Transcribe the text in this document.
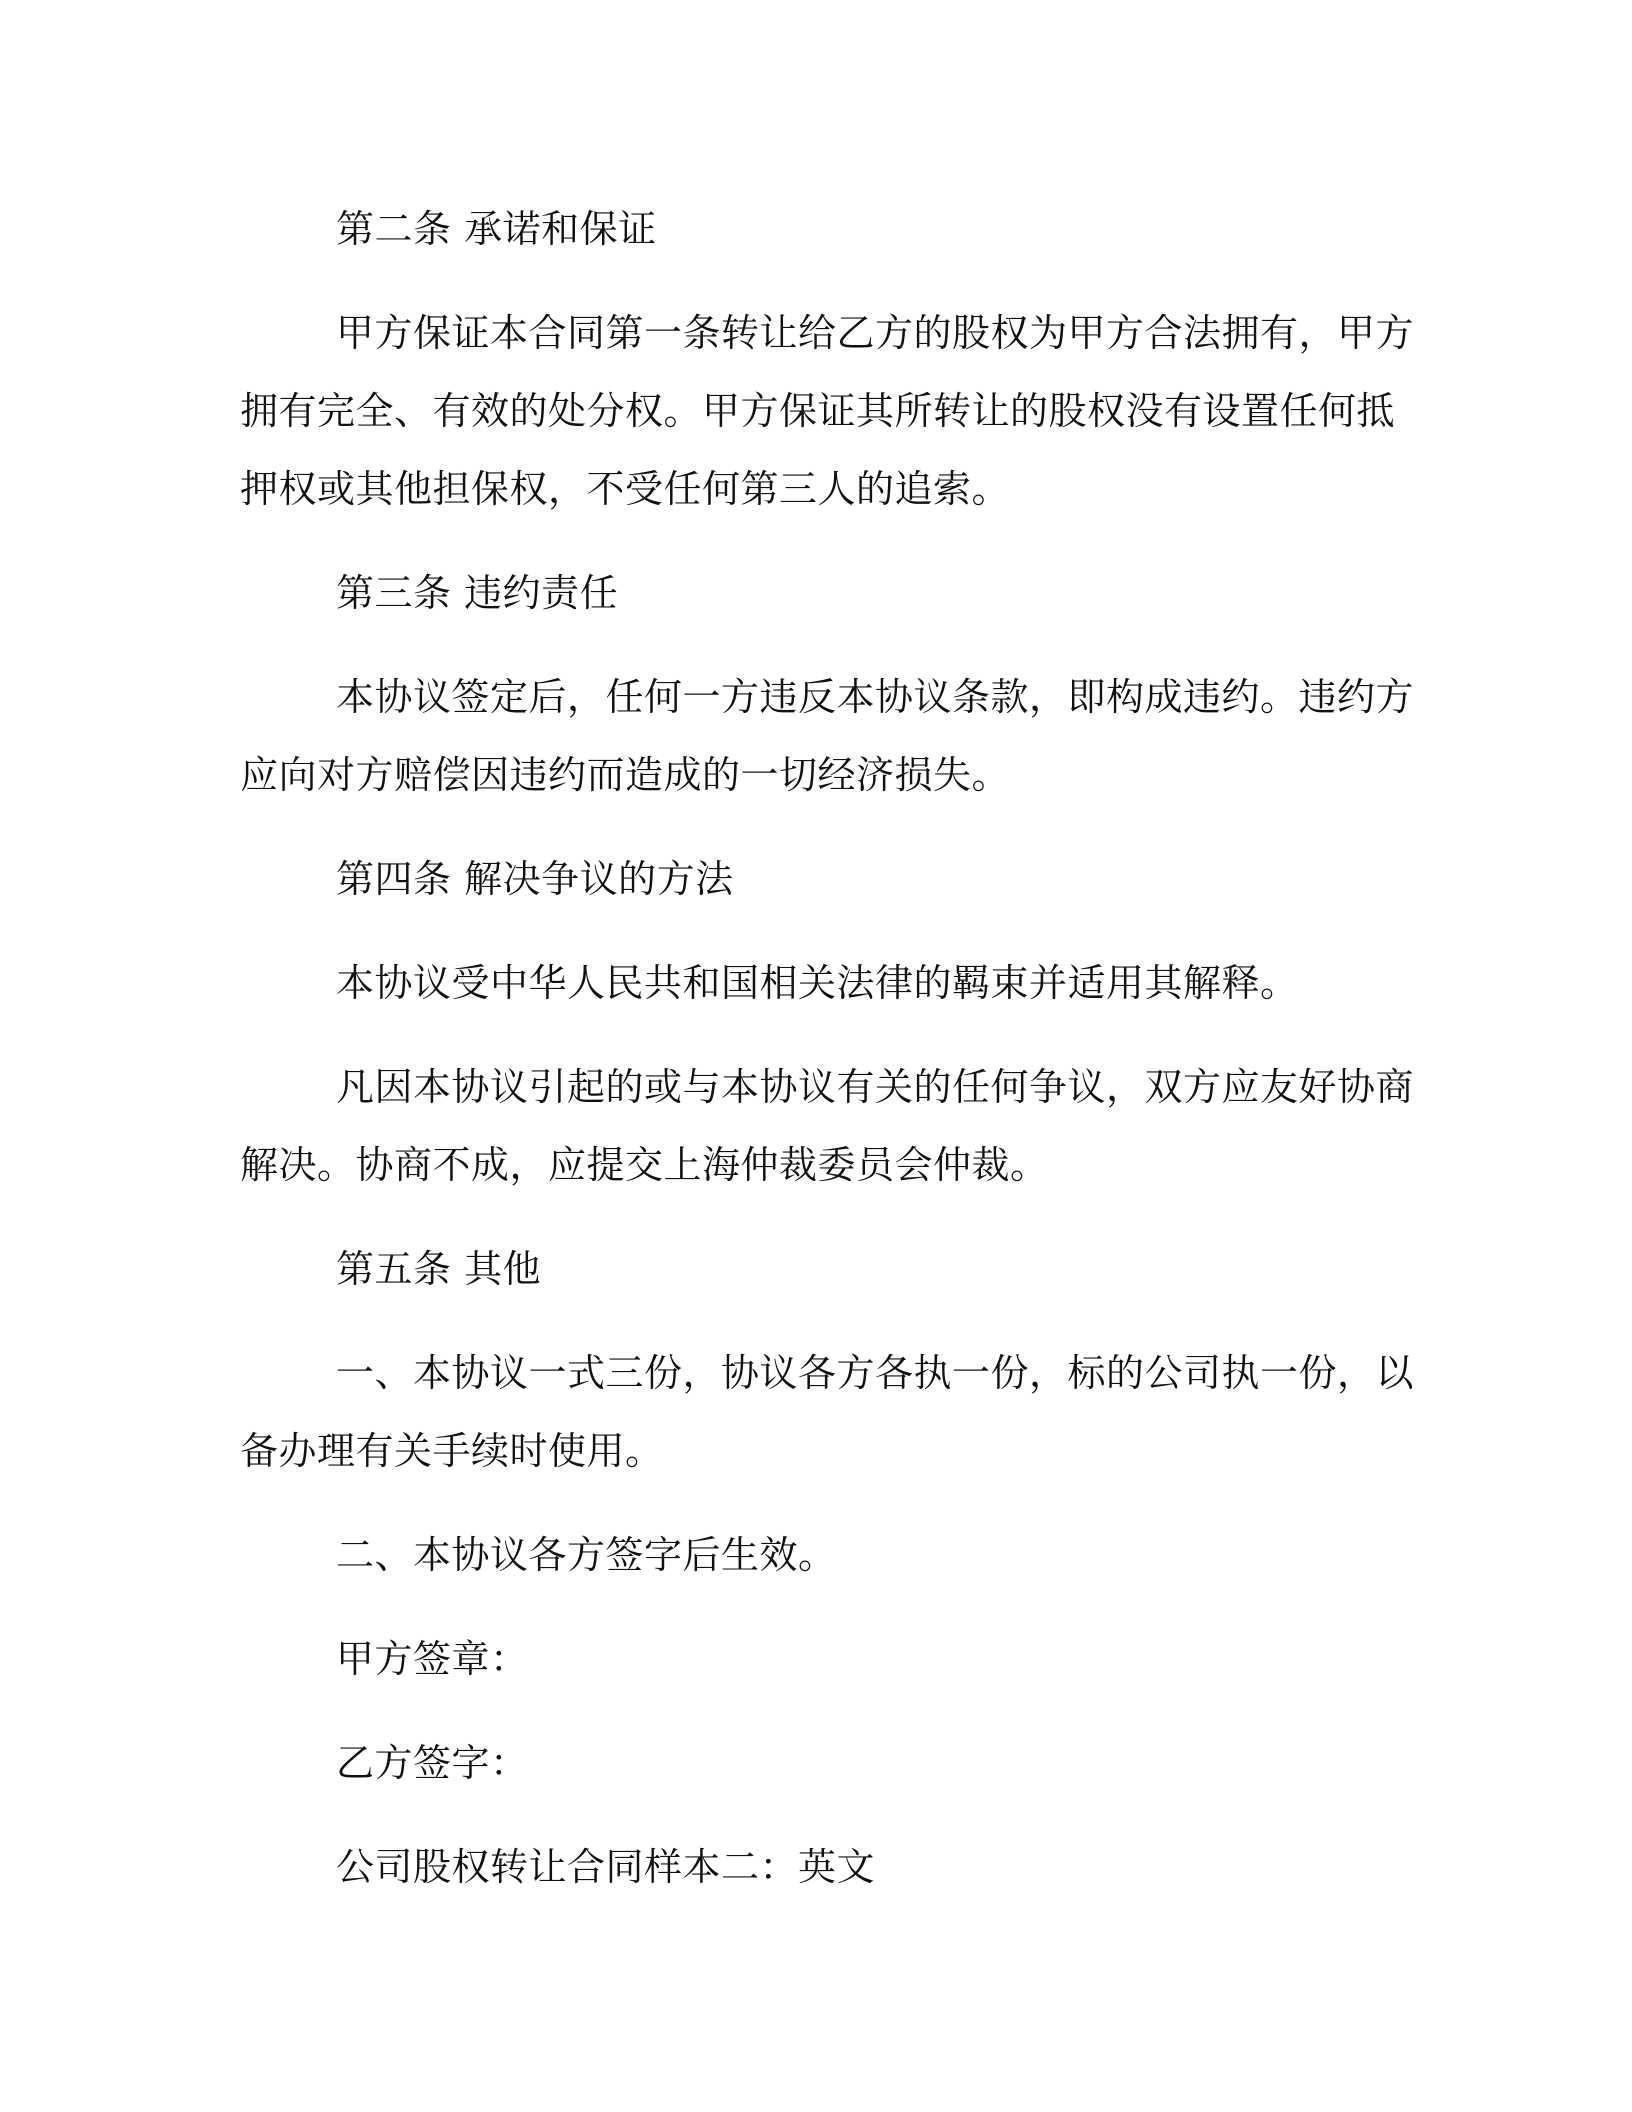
第二条 承诺和保证
甲方保证本合同第一条转让给乙方的股权为甲方合法拥有，甲方
拥有完全、有效的处分权。甲方保证其所转让的股权没有设置任何抵
押权或其他担保权，不受任何第三人的追索。
第三条 违约责任
本协议签定后，任何一方违反本协议条款，即构成违约。违约方
应向对方赔偿因违约而造成的一切经济损失。
第四条 解决争议的方法
本协议受中华人民共和国相关法律的羁束并适用其解释。
凡因本协议引起的或与本协议有关的任何争议，双方应友好协商
解决。协商不成，应提交上海仲裁委员会仲裁。
第五条 其他
一、本协议一式三份，协议各方各执一份，标的公司执一份，以
备办理有关手续时使用。
二、本协议各方签字后生效。
甲方签章：
乙方签字：
公司股权转让合同样本二：英文
